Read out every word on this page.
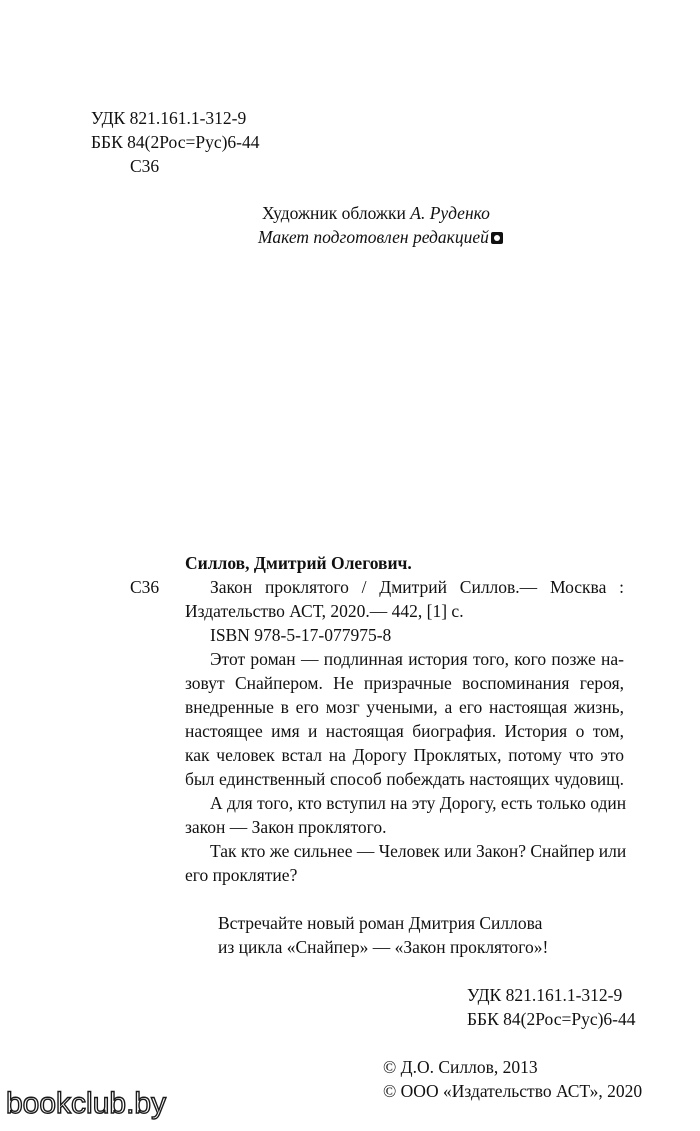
УДК 821.161.1-312-9
ББК 84(2Рос=Рус)6-44
С36
Художник обложки А. Руденко
Макет подготовлен редакцией
Силлов, Дмитрий Олегович.
С36	Закон проклятого / Дмитрий Силлов.— Москва :
Издательство АСТ, 2020.— 442, [1] с.
ISBN 978-5-17-077975-8
Этот роман — подлинная история того, кого позже на-
зовут Снайпером. Не призрачные воспоминания героя,
внедренные в его мозг учеными, а его настоящая жизнь,
настоящее имя и настоящая биография. История о том,
как человек встал на Дорогу Проклятых, потому что это
был единственный способ побеждать настоящих чудовищ.
А для того, кто вступил на эту Дорогу, есть только один
закон — Закон проклятого.
Так кто же сильнее — Человек или Закон? Снайпер или
его проклятие?
Встречайте новый роман Дмитрия Силлова
из цикла «Снайпер» — «Закон проклятого»!
УДК 821.161.1-312-9
ББК 84(2Рос=Рус)6-44
© Д.О. Силлов, 2013
© ООО «Издательство АСТ», 2020
bookclub.by
